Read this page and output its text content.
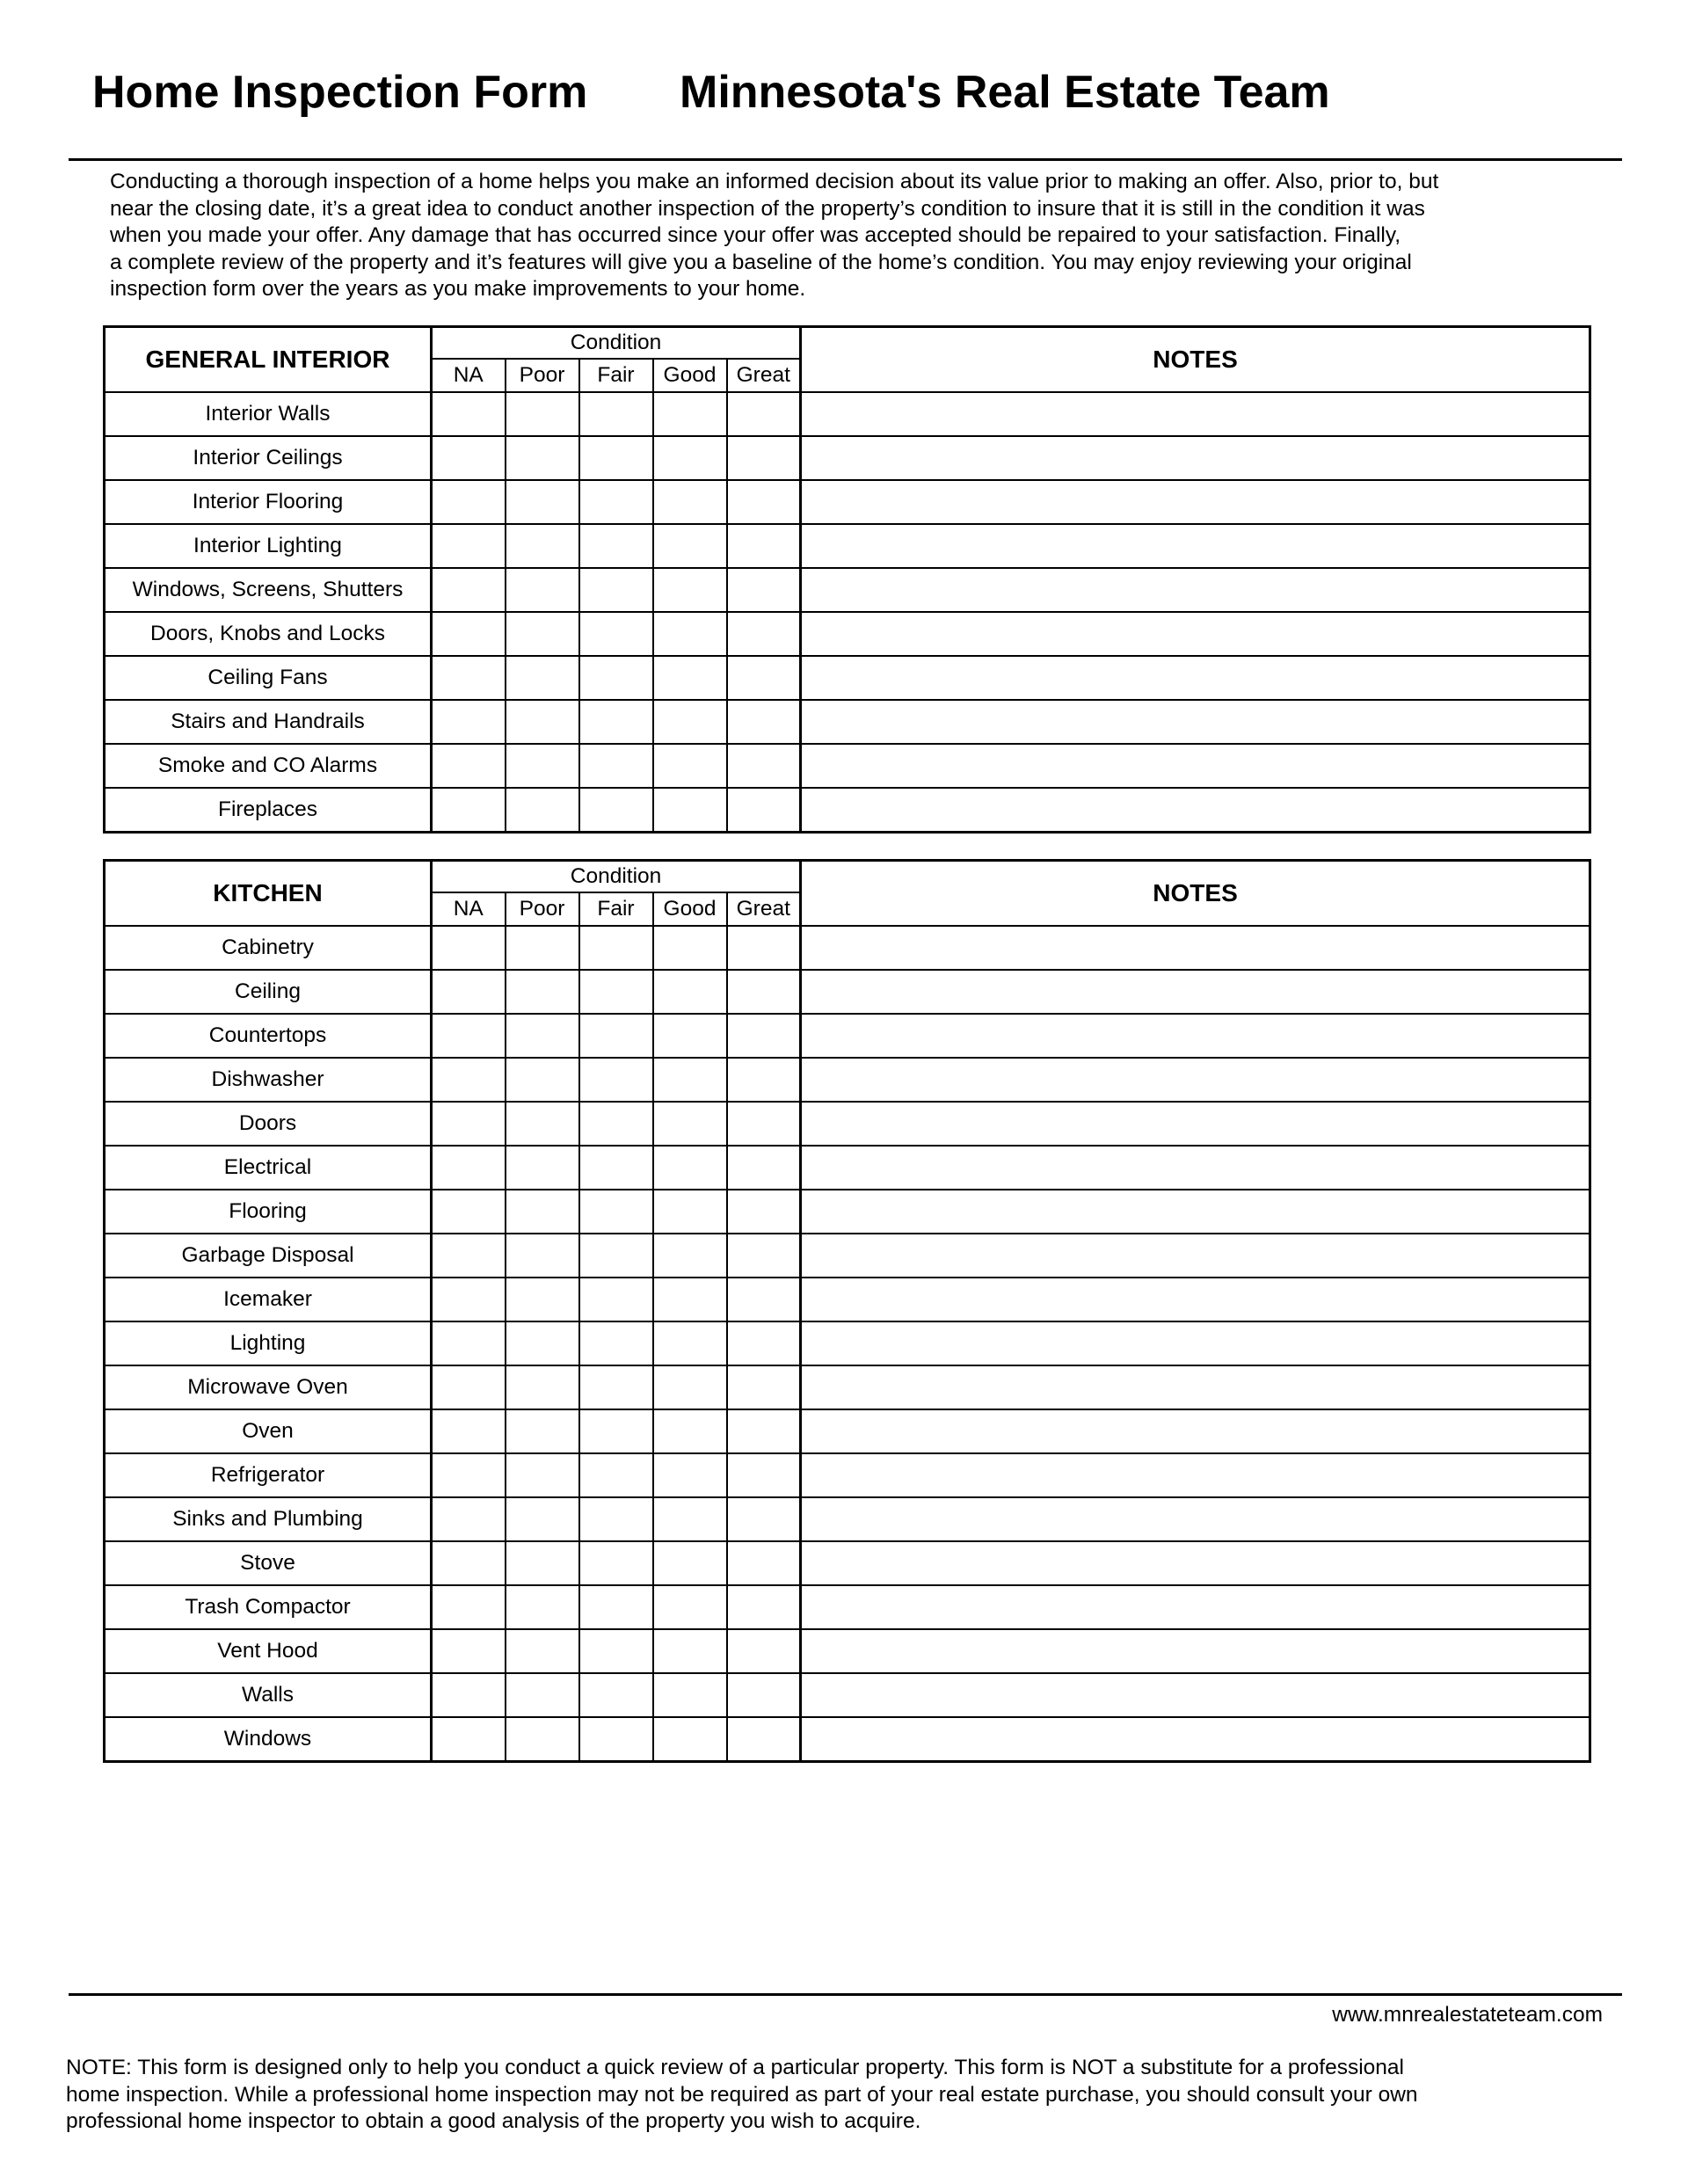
Home Inspection Form Minnesota's Real Estate Team
Conducting a thorough inspection of a home helps you make an informed decision about its value prior to making an offer. Also, prior to, but
near the closing date, it’s a great idea to conduct another inspection of the property’s condition to insure that it is still in the condition it was
when you made your offer. Any damage that has occurred since your offer was accepted should be repaired to your satisfaction. Finally,
a complete review of the property and it’s features will give you a baseline of the home’s condition. You may enjoy reviewing your original
inspection form over the years as you make improvements to your home.
GENERAL INTERIOR	Condition					NOTES
	NA	Poor	Fair	Good	Great	
Interior Walls						
Interior Ceilings						
Interior Flooring						
Interior Lighting						
Windows, Screens, Shutters						
Doors, Knobs and Locks						
Ceiling Fans						
Stairs and Handrails						
Smoke and CO Alarms						
Fireplaces						
KITCHEN	Condition					NOTES
	NA	Poor	Fair	Good	Great	
Cabinetry						
Ceiling						
Countertops						
Dishwasher						
Doors						
Electrical						
Flooring						
Garbage Disposal						
Icemaker						
Lighting						
Microwave Oven						
Oven						
Refrigerator						
Sinks and Plumbing						
Stove						
Trash Compactor						
Vent Hood						
Walls						
Windows						
www.mnrealestateteam.com
NOTE: This form is designed only to help you conduct a quick review of a particular property. This form is NOT a substitute for a professional
home inspection. While a professional home inspection may not be required as part of your real estate purchase, you should consult your own
professional home inspector to obtain a good analysis of the property you wish to acquire.
